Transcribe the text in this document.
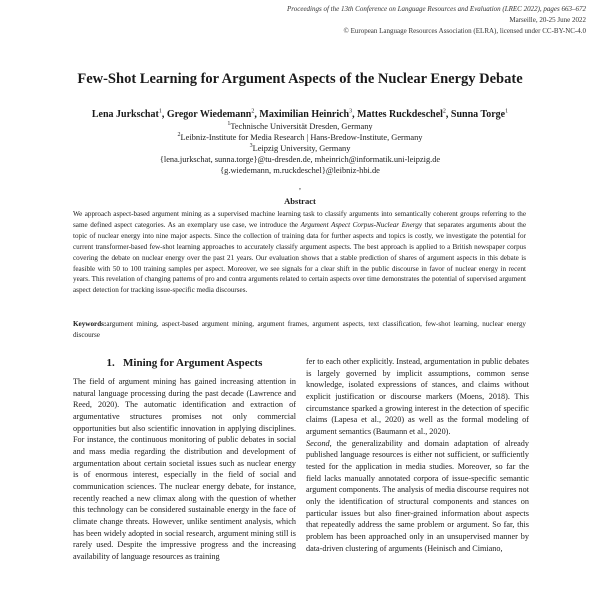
Proceedings of the 13th Conference on Language Resources and Evaluation (LREC 2022), pages 663–672
Marseille, 20-25 June 2022
© European Language Resources Association (ELRA), licensed under CC-BY-NC-4.0
Few-Shot Learning for Argument Aspects of the Nuclear Energy Debate
Lena Jurkschat$^1$, Gregor Wiedemann$^2$, Maximilian Heinrich$^3$, Mattes Ruckdeschel$^2$, Sunna Torge$^1$
$^1$Technische Universität Dresden, Germany
$^2$Leibniz-Institute for Media Research | Hans-Bredow-Institute, Germany
$^3$Leipzig University, Germany
{lena.jurkschat, sunna.torge}@tu-dresden.de, mheinrich@informatik.uni-leipzig.de
{g.wiedemann, m.ruckdeschel}@leibniz-hbi.de
,
Abstract
We approach aspect-based argument mining as a supervised machine learning task to classify arguments into semantically coherent groups referring to the same defined aspect categories. As an exemplary use case, we introduce the Argument Aspect Corpus-Nuclear Energy that separates arguments about the topic of nuclear energy into nine major aspects. Since the collection of training data for further aspects and topics is costly, we investigate the potential for current transformer-based few-shot learning approaches to accurately classify argument aspects. The best approach is applied to a British newspaper corpus covering the debate on nuclear energy over the past 21 years. Our evaluation shows that a stable prediction of shares of argument aspects in this debate is feasible with 50 to 100 training samples per aspect. Moreover, we see signals for a clear shift in the public discourse in favor of nuclear energy in recent years. This revelation of changing patterns of pro and contra arguments related to certain aspects over time demonstrates the potential of supervised argument aspect detection for tracking issue-specific media discourses.
Keywords:argument mining, aspect-based argument mining, argument frames, argument aspects, text classification, few-shot learning, nuclear energy discourse
1. Mining for Argument Aspects

The field of argument mining has gained increasing attention in natural language processing during the past decade (Lawrence and Reed, 2020). The automatic identification and extraction of argumentative structures promises not only commercial opportunities but also scientific innovation in applying disciplines. For instance, the continuous monitoring of public debates in social and mass media regarding the distribution and development of argumentation about certain societal issues such as nuclear energy is of enormous interest, especially in the field of social and communication sciences. The nuclear energy debate, for instance, recently reached a new climax along with the question of whether this technology can be considered sustainable energy in the face of climate change threats. However, unlike sentiment analysis, which has been widely adopted in social research, argument mining still is rarely used. Despite the impressive progress and the increasing availability of language resources as training

fer to each other explicitly. Instead, argumentation in public debates is largely governed by implicit assumptions, common sense knowledge, isolated expressions of stances, and claims without explicit justification or discourse markers (Moens, 2018). This circumstance sparked a growing interest in the detection of specific claims (Lapesa et al., 2020) as well as the formal modeling of argument semantics (Baumann et al., 2020).

Second, the generalizability and domain adaptation of already published language resources is either not sufficient, or sufficiently tested for the application in media studies. Moreover, so far the field lacks manually annotated corpora of issue-specific semantic argument components. The analysis of media discourse requires not only the identification of structural components and stances on particular issues but also finer-grained information about aspects that repeatedly address the same problem or argument. So far, this problem has been approached only in an unsupervised manner by data-driven clustering of arguments (Heinisch and Cimiano,
